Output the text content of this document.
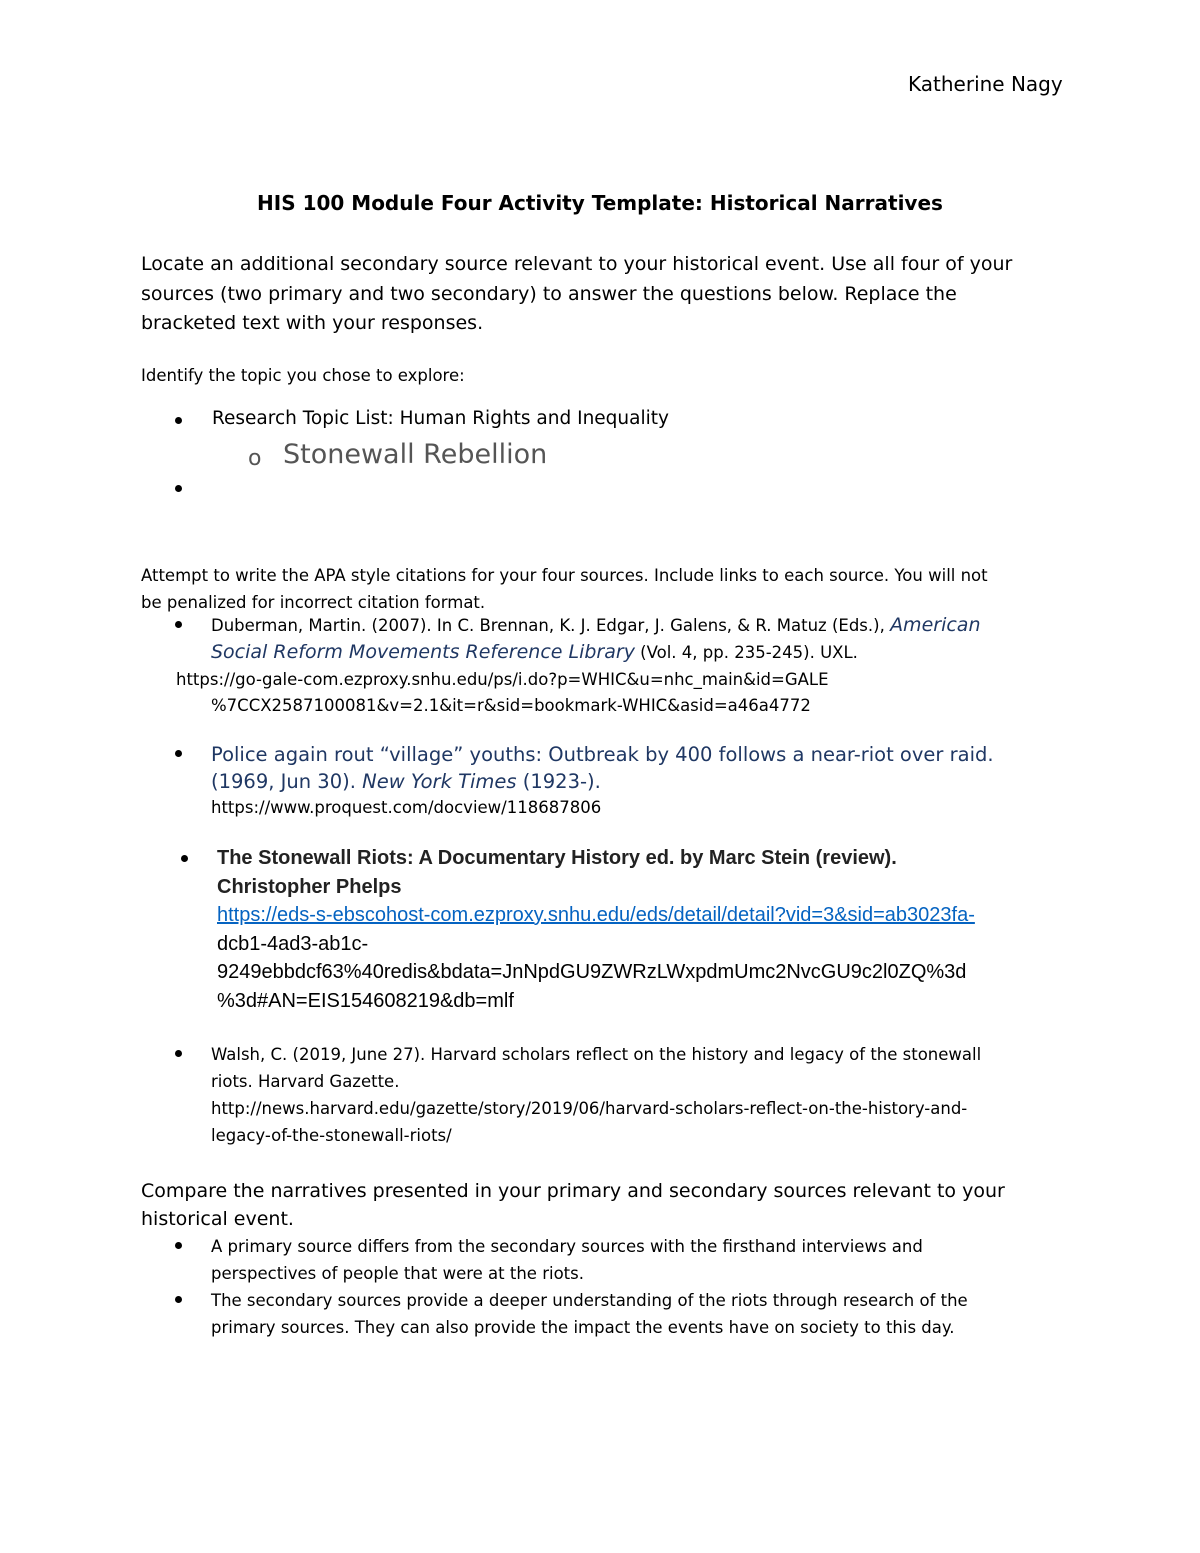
Katherine Nagy
HIS 100 Module Four Activity Template: Historical Narratives
Locate an additional secondary source relevant to your historical event. Use all four of your
sources (two primary and two secondary) to answer the questions below. Replace the
bracketed text with your responses.
Identify the topic you chose to explore:
Research Topic List: Human Rights and Inequality
o Stonewall Rebellion
Attempt to write the APA style citations for your four sources. Include links to each source. You will not
be penalized for incorrect citation format.
Duberman, Martin. (2007). In C. Brennan, K. J. Edgar, J. Galens, & R. Matuz (Eds.), American
Social Reform Movements Reference Library (Vol. 4, pp. 235-245). UXL.
https://go-gale-com.ezproxy.snhu.edu/ps/i.do?p=WHIC&u=nhc_main&id=GALE
%7CCX2587100081&v=2.1&it=r&sid=bookmark-WHIC&asid=a46a4772
Police again rout “village” youths: Outbreak by 400 follows a near-riot over raid.
(1969, Jun 30). New York Times (1923-).
https://www.proquest.com/docview/118687806
The Stonewall Riots: A Documentary History ed. by Marc Stein (review).
Christopher Phelps
https://eds-s-ebscohost-com.ezproxy.snhu.edu/eds/detail/detail?vid=3&sid=ab3023fa-
dcb1-4ad3-ab1c-
9249ebbdcf63%40redis&bdata=JnNpdGU9ZWRzLWxpdmUmc2NvcGU9c2l0ZQ%3d
%3d#AN=EIS154608219&db=mlf
Walsh, C. (2019, June 27). Harvard scholars reflect on the history and legacy of the stonewall
riots. Harvard Gazette.
http://news.harvard.edu/gazette/story/2019/06/harvard-scholars-reflect-on-the-history-and-
legacy-of-the-stonewall-riots/
Compare the narratives presented in your primary and secondary sources relevant to your
historical event.
A primary source differs from the secondary sources with the firsthand interviews and
perspectives of people that were at the riots.
The secondary sources provide a deeper understanding of the riots through research of the
primary sources. They can also provide the impact the events have on society to this day.
